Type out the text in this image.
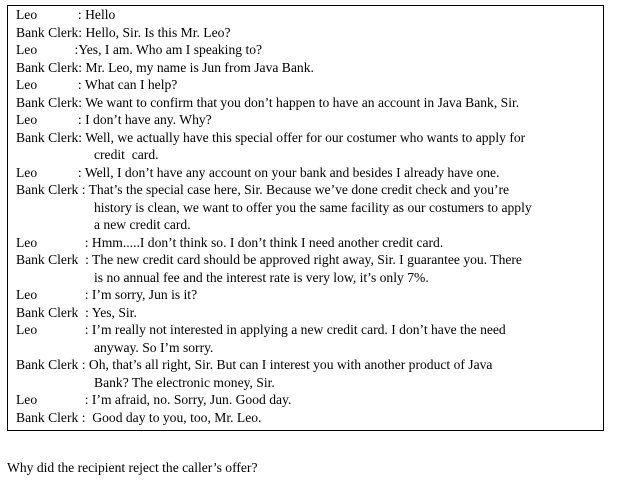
Leo            : Hello
Bank Clerk: Hello, Sir. Is this Mr. Leo?
Leo           :Yes, I am. Who am I speaking to?
Bank Clerk: Mr. Leo, my name is Jun from Java Bank.
Leo            : What can I help?
Bank Clerk: We want to confirm that you don’t happen to have an account in Java Bank, Sir.
Leo            : I don’t have any. Why?
Bank Clerk: Well, we actually have this special offer for our costumer who wants to apply for
credit  card.
Leo            : Well, I don’t have any account on your bank and besides I already have one.
Bank Clerk : That’s the special case here, Sir. Because we’ve done credit check and you’re
history is clean, we want to offer you the same facility as our costumers to apply
a new credit card.
Leo              : Hmm.....I don’t think so. I don’t think I need another credit card.
Bank Clerk  : The new credit card should be approved right away, Sir. I guarantee you. There
is no annual fee and the interest rate is very low, it’s only 7%.
Leo              : I’m sorry, Jun is it?
Bank Clerk  : Yes, Sir.
Leo              : I’m really not interested in applying a new credit card. I don’t have the need
anyway. So I’m sorry.
Bank Clerk : Oh, that’s all right, Sir. But can I interest you with another product of Java
Bank? The electronic money, Sir.
Leo              : I’m afraid, no. Sorry, Jun. Good day.
Bank Clerk :  Good day to you, too, Mr. Leo.
Why did the recipient reject the caller’s offer?
